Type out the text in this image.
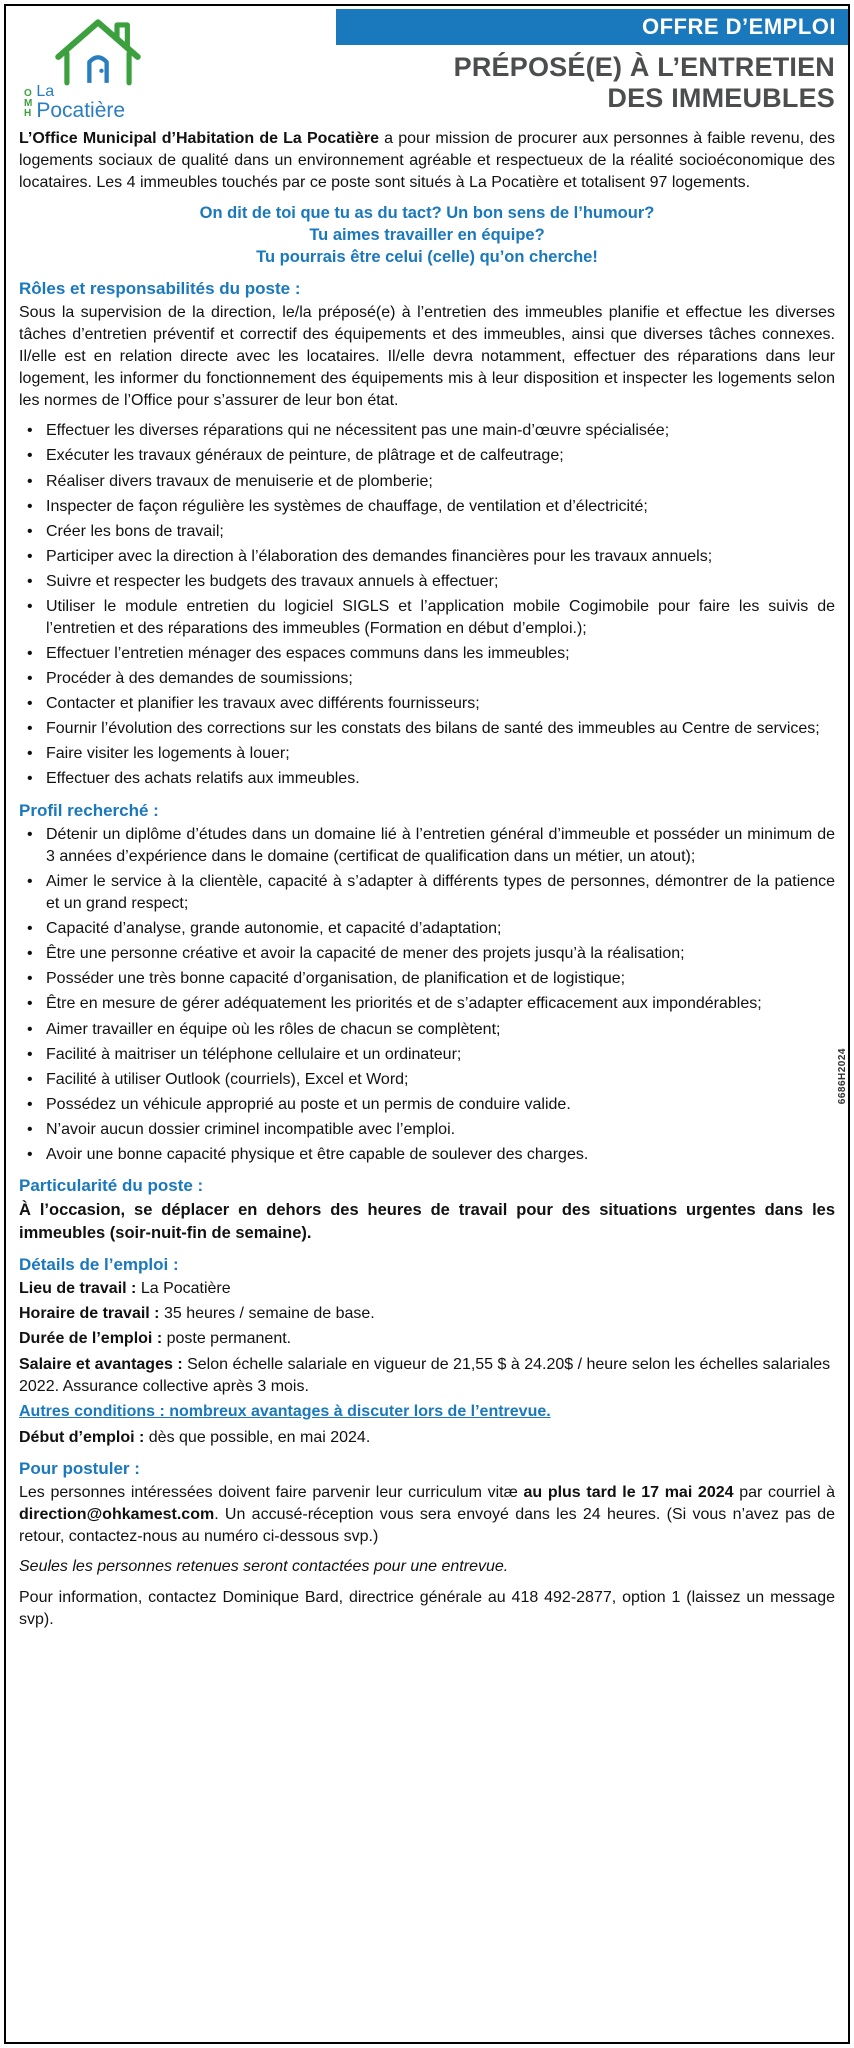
OFFRE D’EMPLOI
O
M
H
La
Pocatière
PRÉPOSÉ(E) À L’ENTRETIEN
DES IMMEUBLES

L’Office Municipal d’Habitation de La Pocatière a pour mission de procurer aux personnes à faible revenu, des logements sociaux de qualité dans un environnement agréable et respectueux de la réalité socioéconomique des locataires. Les 4 immeubles touchés par ce poste sont situés à La Pocatière et totalisent 97 logements.

On dit de toi que tu as du tact? Un bon sens de l’humour?
Tu aimes travailler en équipe?
Tu pourrais être celui (celle) qu’on cherche!
Rôles et responsabilités du poste :

Sous la supervision de la direction, le/la préposé(e) à l’entretien des immeubles planifie et effectue les diverses tâches d’entretien préventif et correctif des équipements et des immeubles, ainsi que diverses tâches connexes. Il/elle est en relation directe avec les locataires. Il/elle devra notamment, effectuer des réparations dans leur logement, les informer du fonctionnement des équipements mis à leur disposition et inspecter les logements selon les normes de l’Office pour s’assurer de leur bon état.

• Effectuer les diverses réparations qui ne nécessitent pas une main-d’œuvre spécialisée;
• Exécuter les travaux généraux de peinture, de plâtrage et de calfeutrage;
• Réaliser divers travaux de menuiserie et de plomberie;
• Inspecter de façon régulière les systèmes de chauffage, de ventilation et d’électricité;
• Créer les bons de travail;
• Participer avec la direction à l’élaboration des demandes financières pour les travaux annuels;
• Suivre et respecter les budgets des travaux annuels à effectuer;
• Utiliser le module entretien du logiciel SIGLS et l’application mobile Cogimobile pour faire les suivis de l’entretien et des réparations des immeubles (Formation en début d’emploi.);
• Effectuer l’entretien ménager des espaces communs dans les immeubles;
• Procéder à des demandes de soumissions;
• Contacter et planifier les travaux avec différents fournisseurs;
• Fournir l’évolution des corrections sur les constats des bilans de santé des immeubles au Centre de services;
• Faire visiter les logements à louer;
• Effectuer des achats relatifs aux immeubles.
Profil recherché :
• Détenir un diplôme d’études dans un domaine lié à l’entretien général d’immeuble et posséder un minimum de 3 années d’expérience dans le domaine (certificat de qualification dans un métier, un atout);
• Aimer le service à la clientèle, capacité à s’adapter à différents types de personnes, démontrer de la patience et un grand respect;
• Capacité d’analyse, grande autonomie, et capacité d’adaptation;
• Être une personne créative et avoir la capacité de mener des projets jusqu’à la réalisation;
• Posséder une très bonne capacité d’organisation, de planification et de logistique;
• Être en mesure de gérer adéquatement les priorités et de s’adapter efficacement aux impondérables;
• Aimer travailler en équipe où les rôles de chacun se complètent;
• Facilité à maitriser un téléphone cellulaire et un ordinateur;
• Facilité à utiliser Outlook (courriels), Excel et Word;
• Possédez un véhicule approprié au poste et un permis de conduire valide.
• N’avoir aucun dossier criminel incompatible avec l’emploi.
• Avoir une bonne capacité physique et être capable de soulever des charges.
Particularité du poste :

À l’occasion, se déplacer en dehors des heures de travail pour des situations urgentes dans les immeubles (soir-nuit-fin de semaine).

Détails de l’emploi :
Lieu de travail : La Pocatière
Horaire de travail : 35 heures / semaine de base.
Durée de l’emploi : poste permanent.
Salaire et avantages : Selon échelle salariale en vigueur de 21,55 $ à 24.20$ / heure selon les échelles salariales 2022. Assurance collective après 3 mois.
Autres conditions : nombreux avantages à discuter lors de l’entrevue.
Début d’emploi : dès que possible, en mai 2024.
Pour postuler :

Les personnes intéressées doivent faire parvenir leur curriculum vitæ au plus tard le 17 mai 2024 par courriel à direction@ohkamest.com. Un accusé-réception vous sera envoyé dans les 24 heures. (Si vous n’avez pas de retour, contactez-nous au numéro ci-dessous svp.)

Seules les personnes retenues seront contactées pour une entrevue.

Pour information, contactez Dominique Bard, directrice générale au 418 492-2877, option 1 (laissez un message svp).

6686H2024
